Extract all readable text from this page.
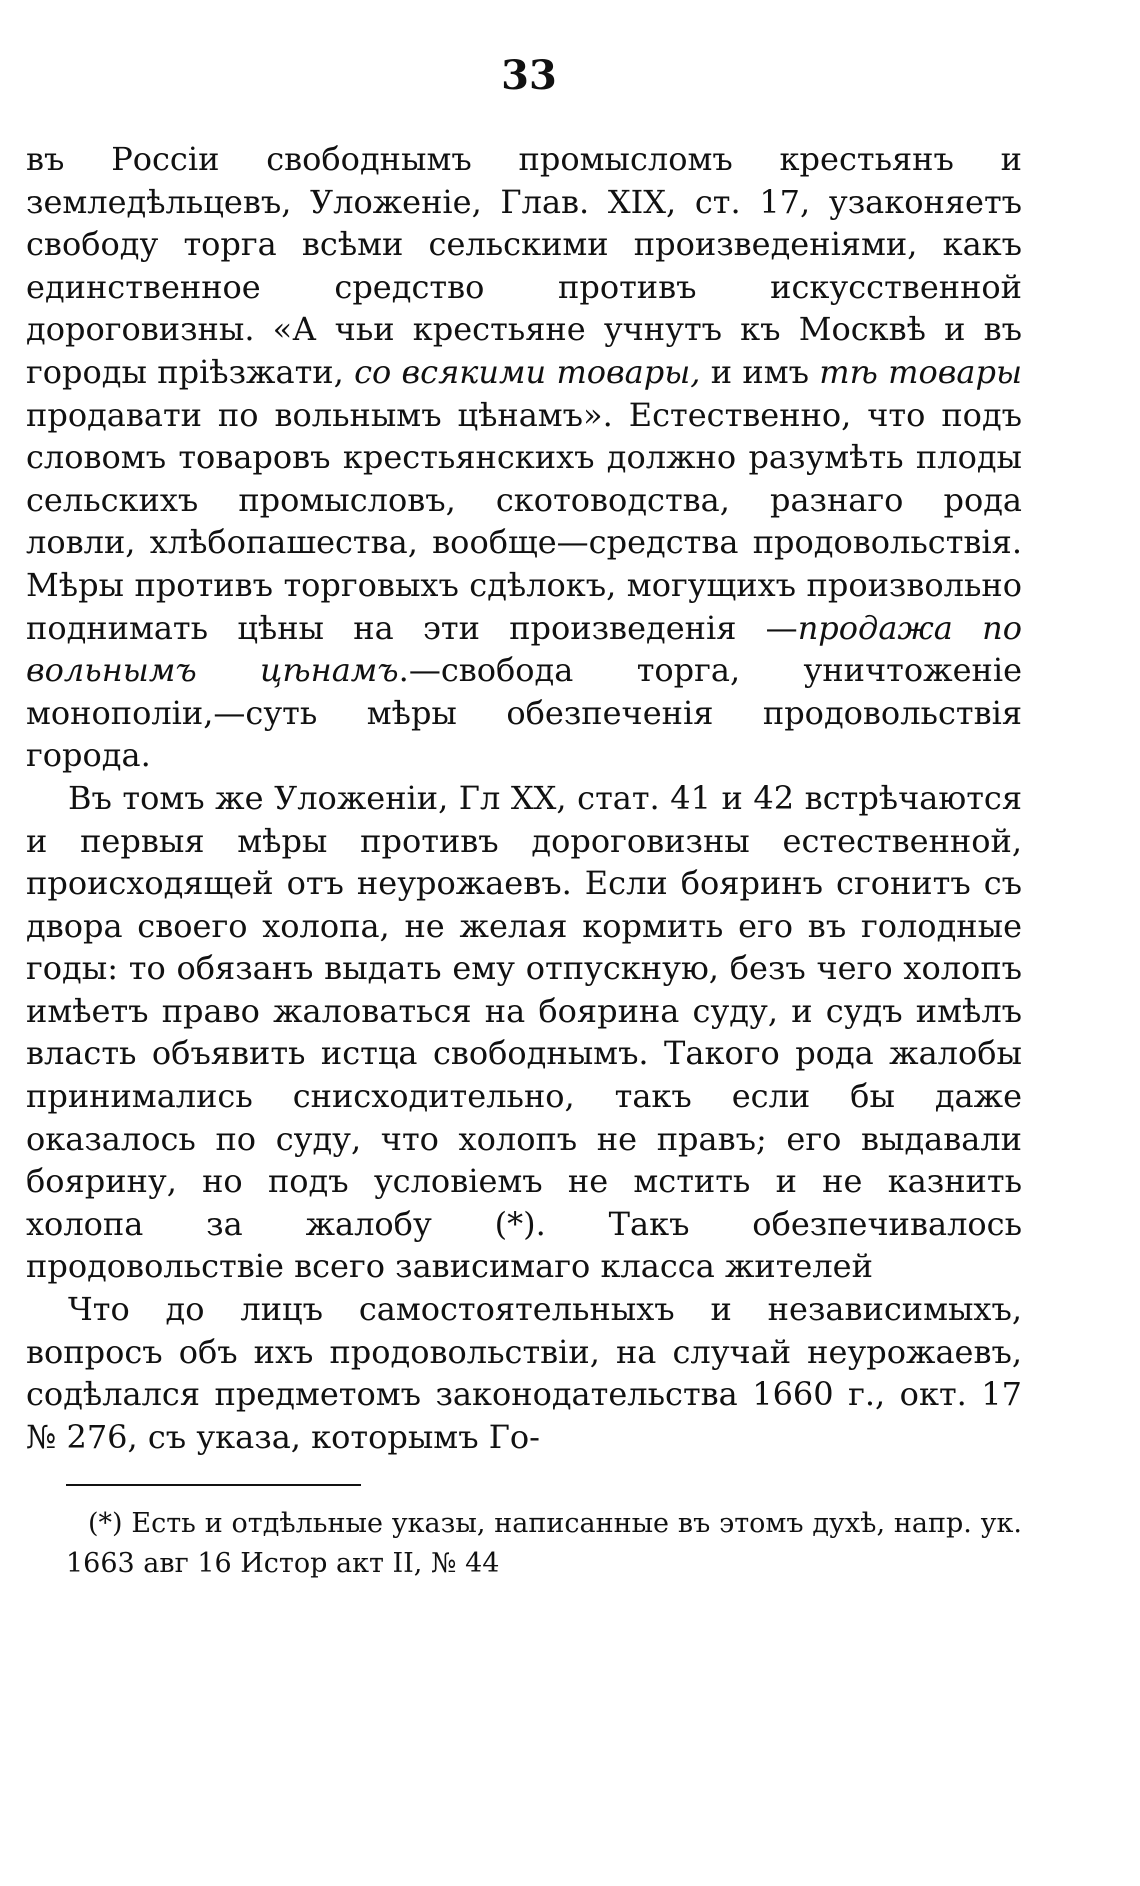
33

въ Россіи свободнымъ промысломъ крестьянъ и земледѣльцевъ, Уложеніе, Глав. XIX, ст. 17, узаконяетъ свободу торга всѣми сельскими произведеніями, какъ единственное средство противъ искусственной дороговизны. «А чьи крестьяне учнутъ къ Москвѣ и въ городы пріѣзжати, со всякими товары, и имъ тѣ товары продавати по вольнымъ цѣнамъ». Естественно, что подъ словомъ товаровъ крестьянскихъ должно разумѣть плоды сельскихъ промысловъ, скотоводства, разнаго рода ловли, хлѣбопашества, вообще—средства продовольствія. Мѣры противъ торговыхъ сдѣлокъ, могущихъ произвольно поднимать цѣны на эти произведенія —продажа по вольнымъ цѣнамъ.—свобода торга, уничтоженіе монополіи,—суть мѣры обезпеченія продовольствія города.

Въ томъ же Уложеніи, Гл XX, стат. 41 и 42 встрѣчаются и первыя мѣры противъ дороговизны естественной, происходящей отъ неурожаевъ. Если бояринъ сгонитъ съ двора своего холопа, не желая кормить его въ голодные годы: то обязанъ выдать ему отпускную, безъ чего холопъ имѣетъ право жаловаться на боярина суду, и судъ имѣлъ власть объявить истца свободнымъ. Такого рода жалобы принимались снисходительно, такъ если бы даже оказалось по суду, что холопъ не правъ; его выдавали боярину, но подъ условіемъ не мстить и не казнить холопа за жалобу (*). Такъ обезпечивалось продовольствіе всего зависимаго класса жителей

Что до лицъ самостоятельныхъ и независимыхъ, вопросъ объ ихъ продовольствіи, на случай неурожаевъ, содѣлался предметомъ законодательства 1660 г., окт. 17 № 276, съ указа, которымъ Го-

(*) Есть и отдѣльные указы, написанные въ этомъ духѣ, напр. ук. 1663 авг 16 Истор акт II, № 44
